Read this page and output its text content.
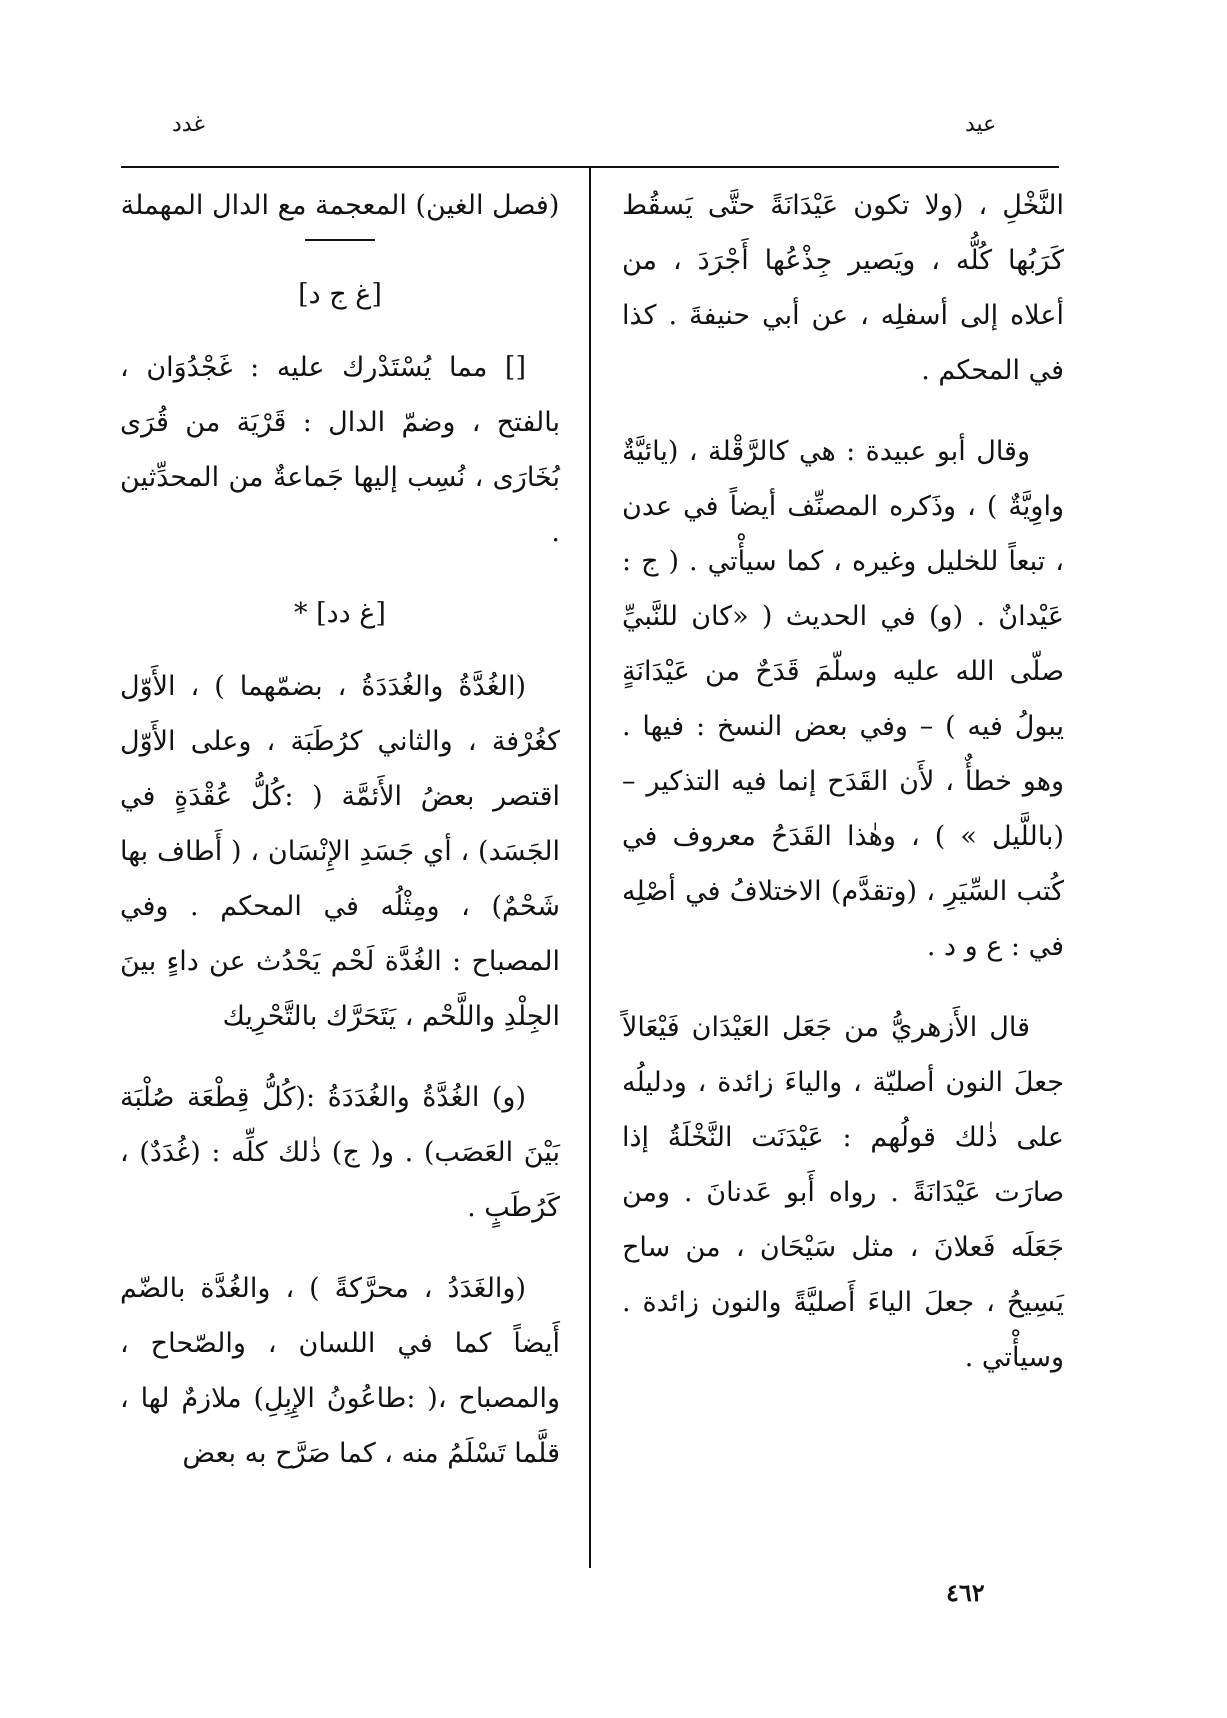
غدد	عيد

النَّخْلِ ، (ولا تكون عَيْدَانَةً حتَّى يَسقُط كَرَبُها كُلُّه ، ويَصير جِذْعُها أَجْرَدَ ، من أعلاه إلى أسفلِه ، عن أبي حنيفةَ . كذا في المحكم .

وقال أبو عبيدة : هي كالرَّقْلة ، (يائيَّةٌ واوِيَّةٌ ) ، وذَكره المصنِّف أيضاً في عدن ، تبعاً للخليل وغيره ، كما سيأْتي . ( ج : عَيْدانٌ . (و) في الحديث ( «كان للنَّبيِّ صلّى الله عليه وسلّمَ قَدَحٌ من عَيْدَانَةٍ يبولُ فيه ) – وفي بعض النسخ : فيها . وهو خطأٌ ، لأَن القَدَح إنما فيه التذكير – (باللَّيل » ) ، وهٰذا القَدَحُ معروف في كُتب السِّيَرِ ، (وتقدَّم) الاختلافُ في أصْلِه في : ع و د .

قال الأَزهريُّ من جَعَل العَيْدَان فَيْعَالاً جعلَ النون أصليّة ، والياءَ زائدة ، ودليلُه على ذٰلك قولُهم : عَيْدَنَت النَّخْلَةُ إذا صارَت عَيْدَانَةً . رواه أَبو عَدنانَ . ومن جَعَلَه فَعلانَ ، مثل سَيْحَان ، من ساح يَسِيحُ ، جعلَ الياءَ أَصليَّةً والنون زائدة . وسيأْتي .

(فصل الغين) المعجمة مع الدال المهملة
[غ ج د]

[] مما يُسْتَدْرك عليه : غَجْدُوَان ، بالفتح ، وضمّ الدال : قَرْيَة من قُرَى بُخَارَى ، نُسِب إليها جَماعةٌ من المحدِّثين .

[غ دد] *

(الغُدَّةُ والغُدَدَةُ ، بضمّهما ) ، الأَوّل كغُرْفة ، والثاني كرُطَبَة ، وعلى الأَوّل اقتصر بعضُ الأَئمَّة ( :كُلُّ عُقْدَةٍ في الجَسَد) ، أي جَسَدِ الإِنْسَان ، ( أَطاف بها شَحْمٌ) ، ومِثْلُه في المحكم . وفي المصباح : الغُدَّة لَحْم يَحْدُث عن داءٍ بينَ الجِلْدِ واللَّحْم ، يَتَحَرَّك بالتَّحْرِيك

(و) الغُدَّةُ والغُدَدَةُ :(كُلُّ قِطْعَة صُلْبَة بَيْنَ العَصَب) . و( ج) ذٰلك كلِّه : (غُدَدٌ) ، كَرُطَبٍ .

(والغَدَدُ ، محرَّكةً ) ، والغُدَّة بالضّم أَيضاً كما في اللسان ، والصّحاح ، والمصباح ،( :طاعُونُ الإِبِلِ) ملازمٌ لها ، قلَّما تَسْلَمُ منه ، كما صَرَّح به بعض

٤٦٢
